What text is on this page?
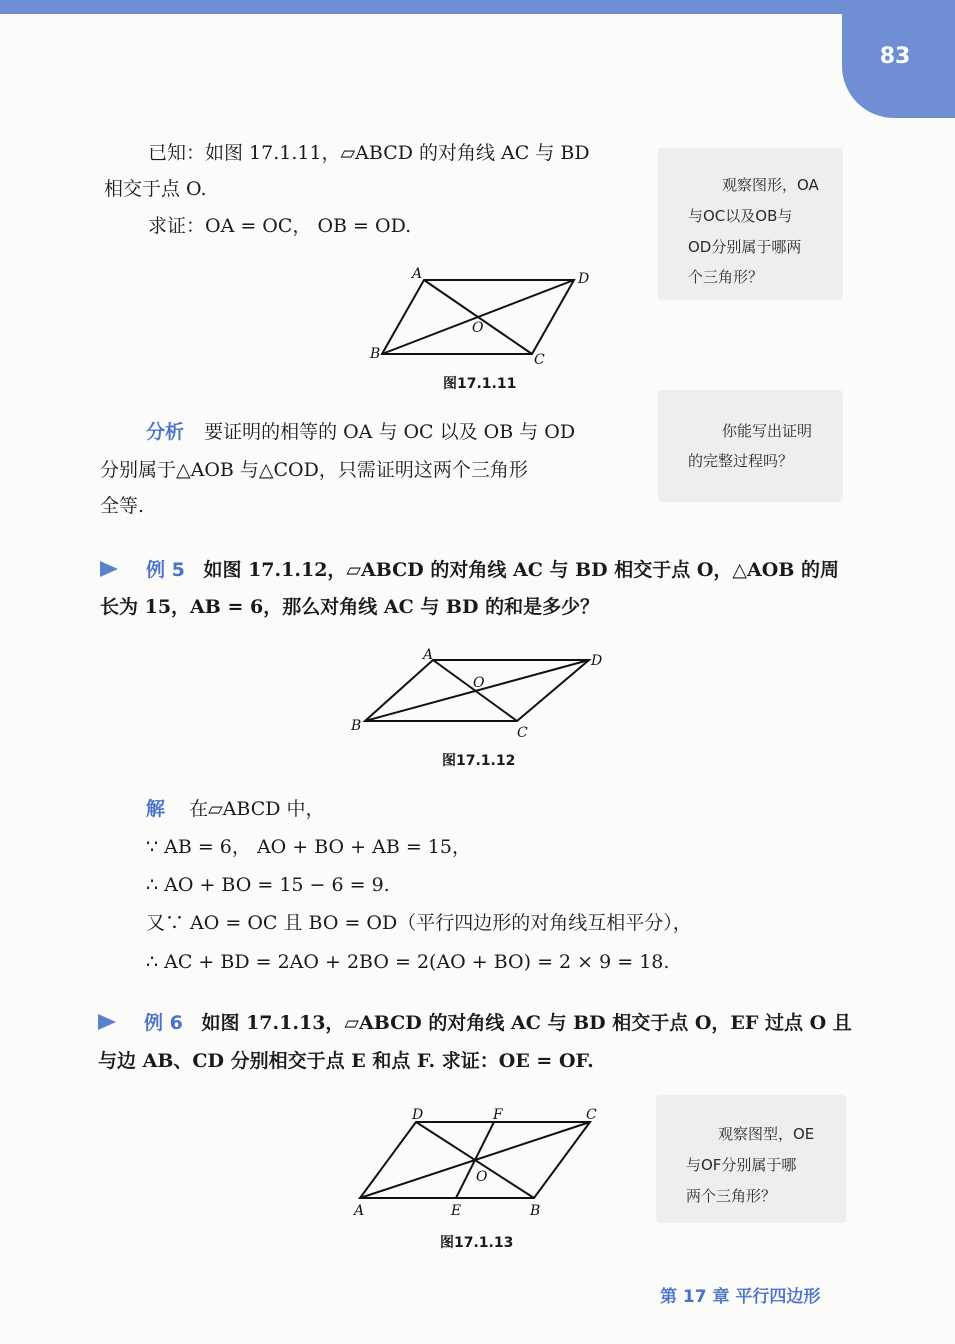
83
已知：如图 17.1.11，▱ABCD 的对角线 AC 与 BD
相交于点 O.
求证：OA = OC， OB = OD.
观察图形，OA
与OC以及OB与
OD分别属于哪两
个三角形？
A	D
O
B	C
图17.1.11
分析 要证明的相等的 OA 与 OC 以及 OB 与 OD
分别属于△AOB 与△COD，只需证明这两个三角形
全等.
你能写出证明
的完整过程吗？
例 5 如图 17.1.12，▱ABCD 的对角线 AC 与 BD 相交于点 O，△AOB 的周
长为 15，AB = 6，那么对角线 AC 与 BD 的和是多少？
A	D
O
B	C
图17.1.12
解 在▱ABCD 中，
∵ AB = 6， AO + BO + AB = 15，
∴ AO + BO = 15 − 6 = 9.
又∵ AO = OC 且 BO = OD（平行四边形的对角线互相平分），
∴ AC + BD = 2AO + 2BO = 2(AO + BO) = 2 × 9 = 18.
例 6 如图 17.1.13，▱ABCD 的对角线 AC 与 BD 相交于点 O，EF 过点 O 且
与边 AB、CD 分别相交于点 E 和点 F. 求证：OE = OF.
D	F	C
O
A	E	B
图17.1.13
观察图型，OE
与OF分别属于哪
两个三角形？
第 17 章 平行四边形
